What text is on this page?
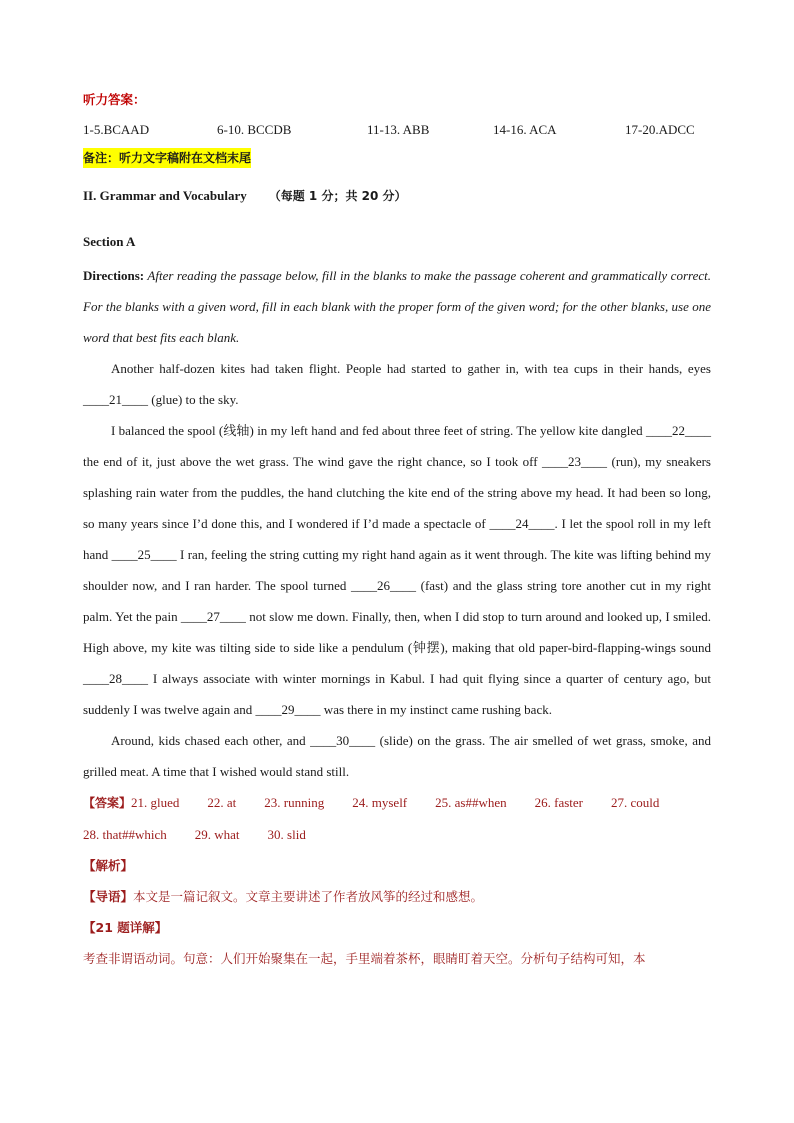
听力答案：
1-5.BCAAD	6-10. BCCDB	11-13. ABB	14-16. ACA	17-20.ADCC
备注：听力文字稿附在文档末尾
II. Grammar and Vocabulary （每题 1 分；共 20 分）
Section A
Directions: After reading the passage below, fill in the blanks to make the passage coherent and grammatically correct. For the blanks with a given word, fill in each blank with the proper form of the given word; for the other blanks, use one word that best fits each blank.

Another half-dozen kites had taken flight. People had started to gather in, with tea cups in their hands, eyes ____21____ (glue) to the sky.

I balanced the spool (线轴) in my left hand and fed about three feet of string. The yellow kite dangled ____22____ the end of it, just above the wet grass. The wind gave the right chance, so I took off ____23____ (run), my sneakers splashing rain water from the puddles, the hand clutching the kite end of the string above my head. It had been so long, so many years since I’d done this, and I wondered if I’d made a spectacle of ____24____. I let the spool roll in my left hand ____25____ I ran, feeling the string cutting my right hand again as it went through. The kite was lifting behind my shoulder now, and I ran harder. The spool turned ____26____ (fast) and the glass string tore another cut in my right palm. Yet the pain ____27____ not slow me down. Finally, then, when I did stop to turn around and looked up, I smiled. High above, my kite was tilting side to side like a pendulum (钟摆), making that old paper-bird-flapping-wings sound ____28____ I always associate with winter mornings in Kabul. I had quit flying since a quarter of century ago, but suddenly I was twelve again and ____29____ was there in my instinct came rushing back.

Around, kids chased each other, and ____30____ (slide) on the grass. The air smelled of wet grass, smoke, and grilled meat. A time that I wished would stand still.

【答案】21. glued 22. at 23. running 24. myself 25. as##when 26. faster 27. could
28. that##which 29. what 30. slid

【解析】

【导语】本文是一篇记叙文。文章主要讲述了作者放风筝的经过和感想。

【21 题详解】

考查非谓语动词。句意：人们开始聚集在一起，手里端着茶杯，眼睛盯着天空。分析句子结构可知，本
